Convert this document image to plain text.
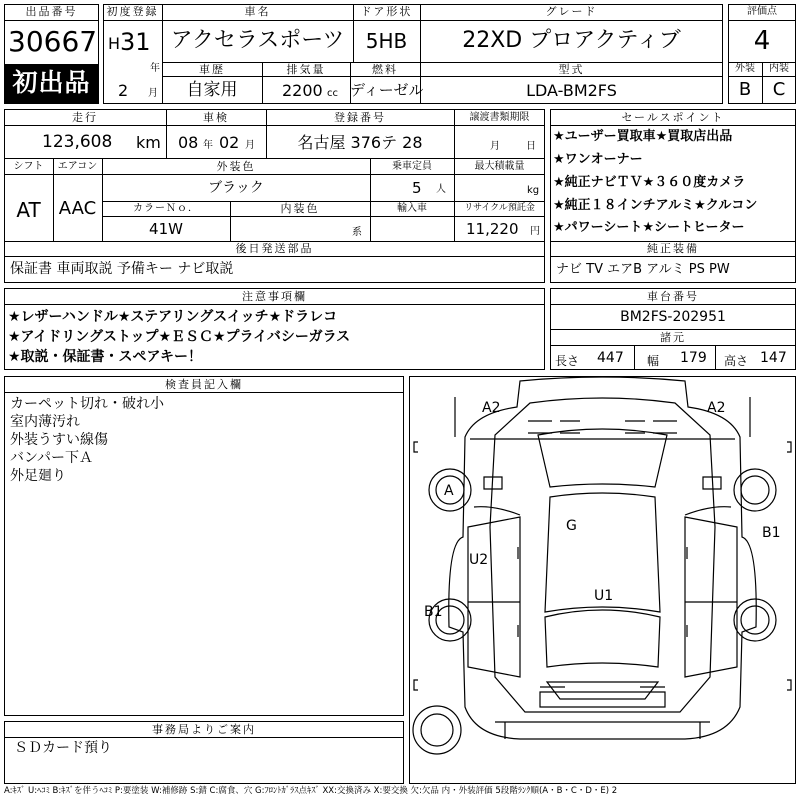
出品番号
30667
初出品
初度登録
H 31
年
2 月
車名
アクセラスポーツ
ドア形状
5HB
グレード
22XD プロアクティブ
車歴
自家用
排気量
2200 cc
燃料
ディーゼル
型式
LDA-BM2FS
評価点
4
外装	内装
B	C
走行
123,608 km
車検
08 年 02 月
登録番号
名古屋 376テ 28
譲渡書類期限
月	日
シフト
AT
エアコン
AAC
外装色
ブラック
乗車定員
5 人
最大積載量
kg
カラーＮｏ．
41W
内装色
系
輸入車	リサイクル預託金
11,220 円
後日発送部品
保証書 車両取説 予備キー ナビ取説
セールスポイント
★ユーザー買取車★買取店出品
★ワンオーナー
★純正ナビＴＶ★３６０度カメラ
★純正１８インチアルミ★クルコン
★パワーシート★シートヒーター
純正装備
ナビ TV エアB アルミ PS PW
注意事項欄
★レザーハンドル★ステアリングスイッチ★ドラレコ
★アイドリングストップ★ＥＳＣ★プライバシーガラス
★取説・保証書・スペアキー！
車台番号
BM2FS-202951
諸元
長さ 447 幅 179 高さ 147
検査員記入欄
カーペット切れ・破れ小
室内薄汚れ
外装うすい線傷
バンパー下Ａ
外足廻り
事務局よりご案内
ＳＤカード預り
A2	A2
A
G
U2
B1
U1
B1
A:ｷｽﾞ U:ﾍｺﾐ B:ｷｽﾞを伴うﾍｺﾐ P:要塗装 W:補修跡 S:錆 C:腐食、穴 G:ﾌﾛﾝﾄｶﾞﾗｽ点ｷｽﾞ XX:交換済み X:要交換 欠:欠品 内・外装評価 5段階ﾗﾝｸ順(A・B・C・D・E) 2
